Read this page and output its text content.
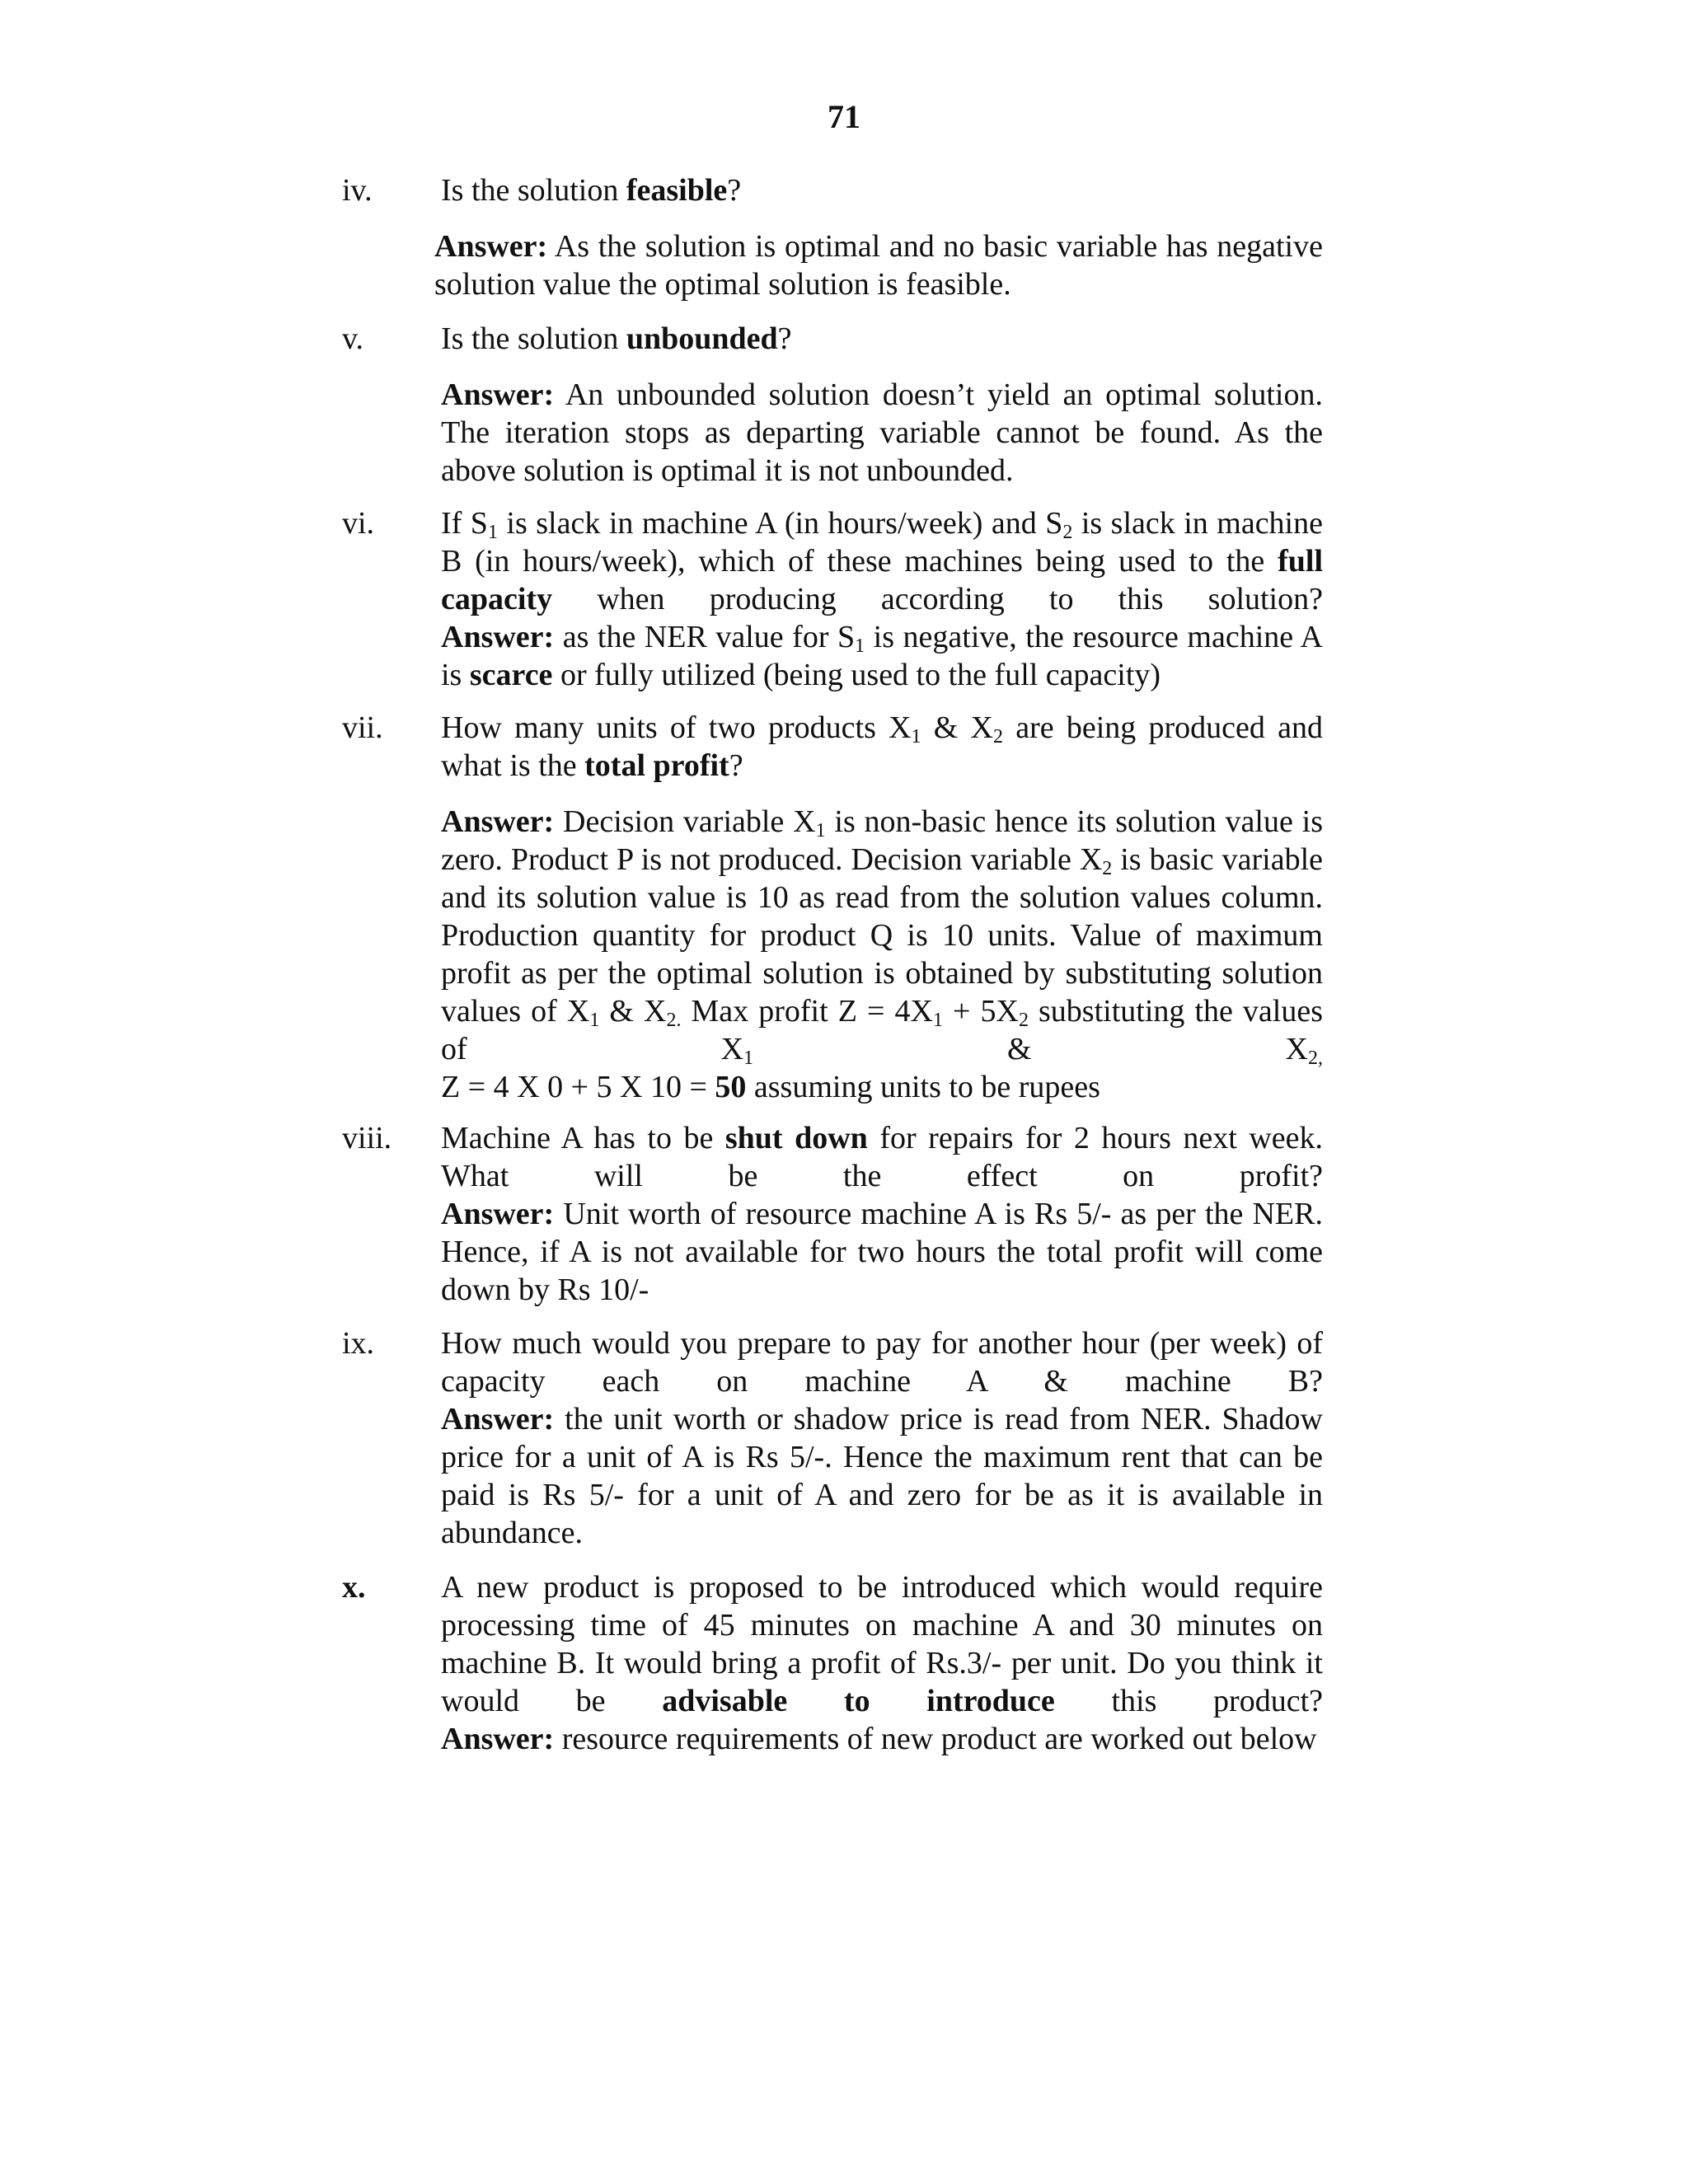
71
iv. Is the solution feasible?

Answer: As the solution is optimal and no basic variable has negative solution value the optimal solution is feasible.

v. Is the solution unbounded?

Answer: An unbounded solution doesn’t yield an optimal solution. The iteration stops as departing variable cannot be found. As the above solution is optimal it is not unbounded.

vi. If $S_1$ is slack in machine A (in hours/week) and $S_2$ is slack in machine B (in hours/week), which of these machines being used to the full capacity when producing according to this solution?

Answer: as the NER value for $S_1$ is negative, the resource machine A is scarce or fully utilized (being used to the full capacity)

vii. How many units of two products $X_1$ & $X_2$ are being produced and what is the total profit?

Answer: Decision variable $X_1$ is non-basic hence its solution value is zero. Product P is not produced. Decision variable $X_2$ is basic variable and its solution value is 10 as read from the solution values column. Production quantity for product Q is 10 units. Value of maximum profit as per the optimal solution is obtained by substituting solution values of $X_1$ & $X_{2.}$ Max profit $Z = 4X_1 + 5X_2$ substituting the values of $X_1$ & $X_{2,}$

Z = 4 X 0 + 5 X 10 = 50 assuming units to be rupees

viii. Machine A has to be shut down for repairs for 2 hours next week. What will be the effect on profit?

Answer: Unit worth of resource machine A is Rs 5/- as per the NER. Hence, if A is not available for two hours the total profit will come down by Rs 10/-

ix. How much would you prepare to pay for another hour (per week) of capacity each on machine A & machine B?

Answer: the unit worth or shadow price is read from NER. Shadow price for a unit of A is Rs 5/-. Hence the maximum rent that can be paid is Rs 5/- for a unit of A and zero for be as it is available in abundance.

x. A new product is proposed to be introduced which would require processing time of 45 minutes on machine A and 30 minutes on machine B. It would bring a profit of Rs.3/- per unit. Do you think it would be advisable to introduce this product?

Answer: resource requirements of new product are worked out below
